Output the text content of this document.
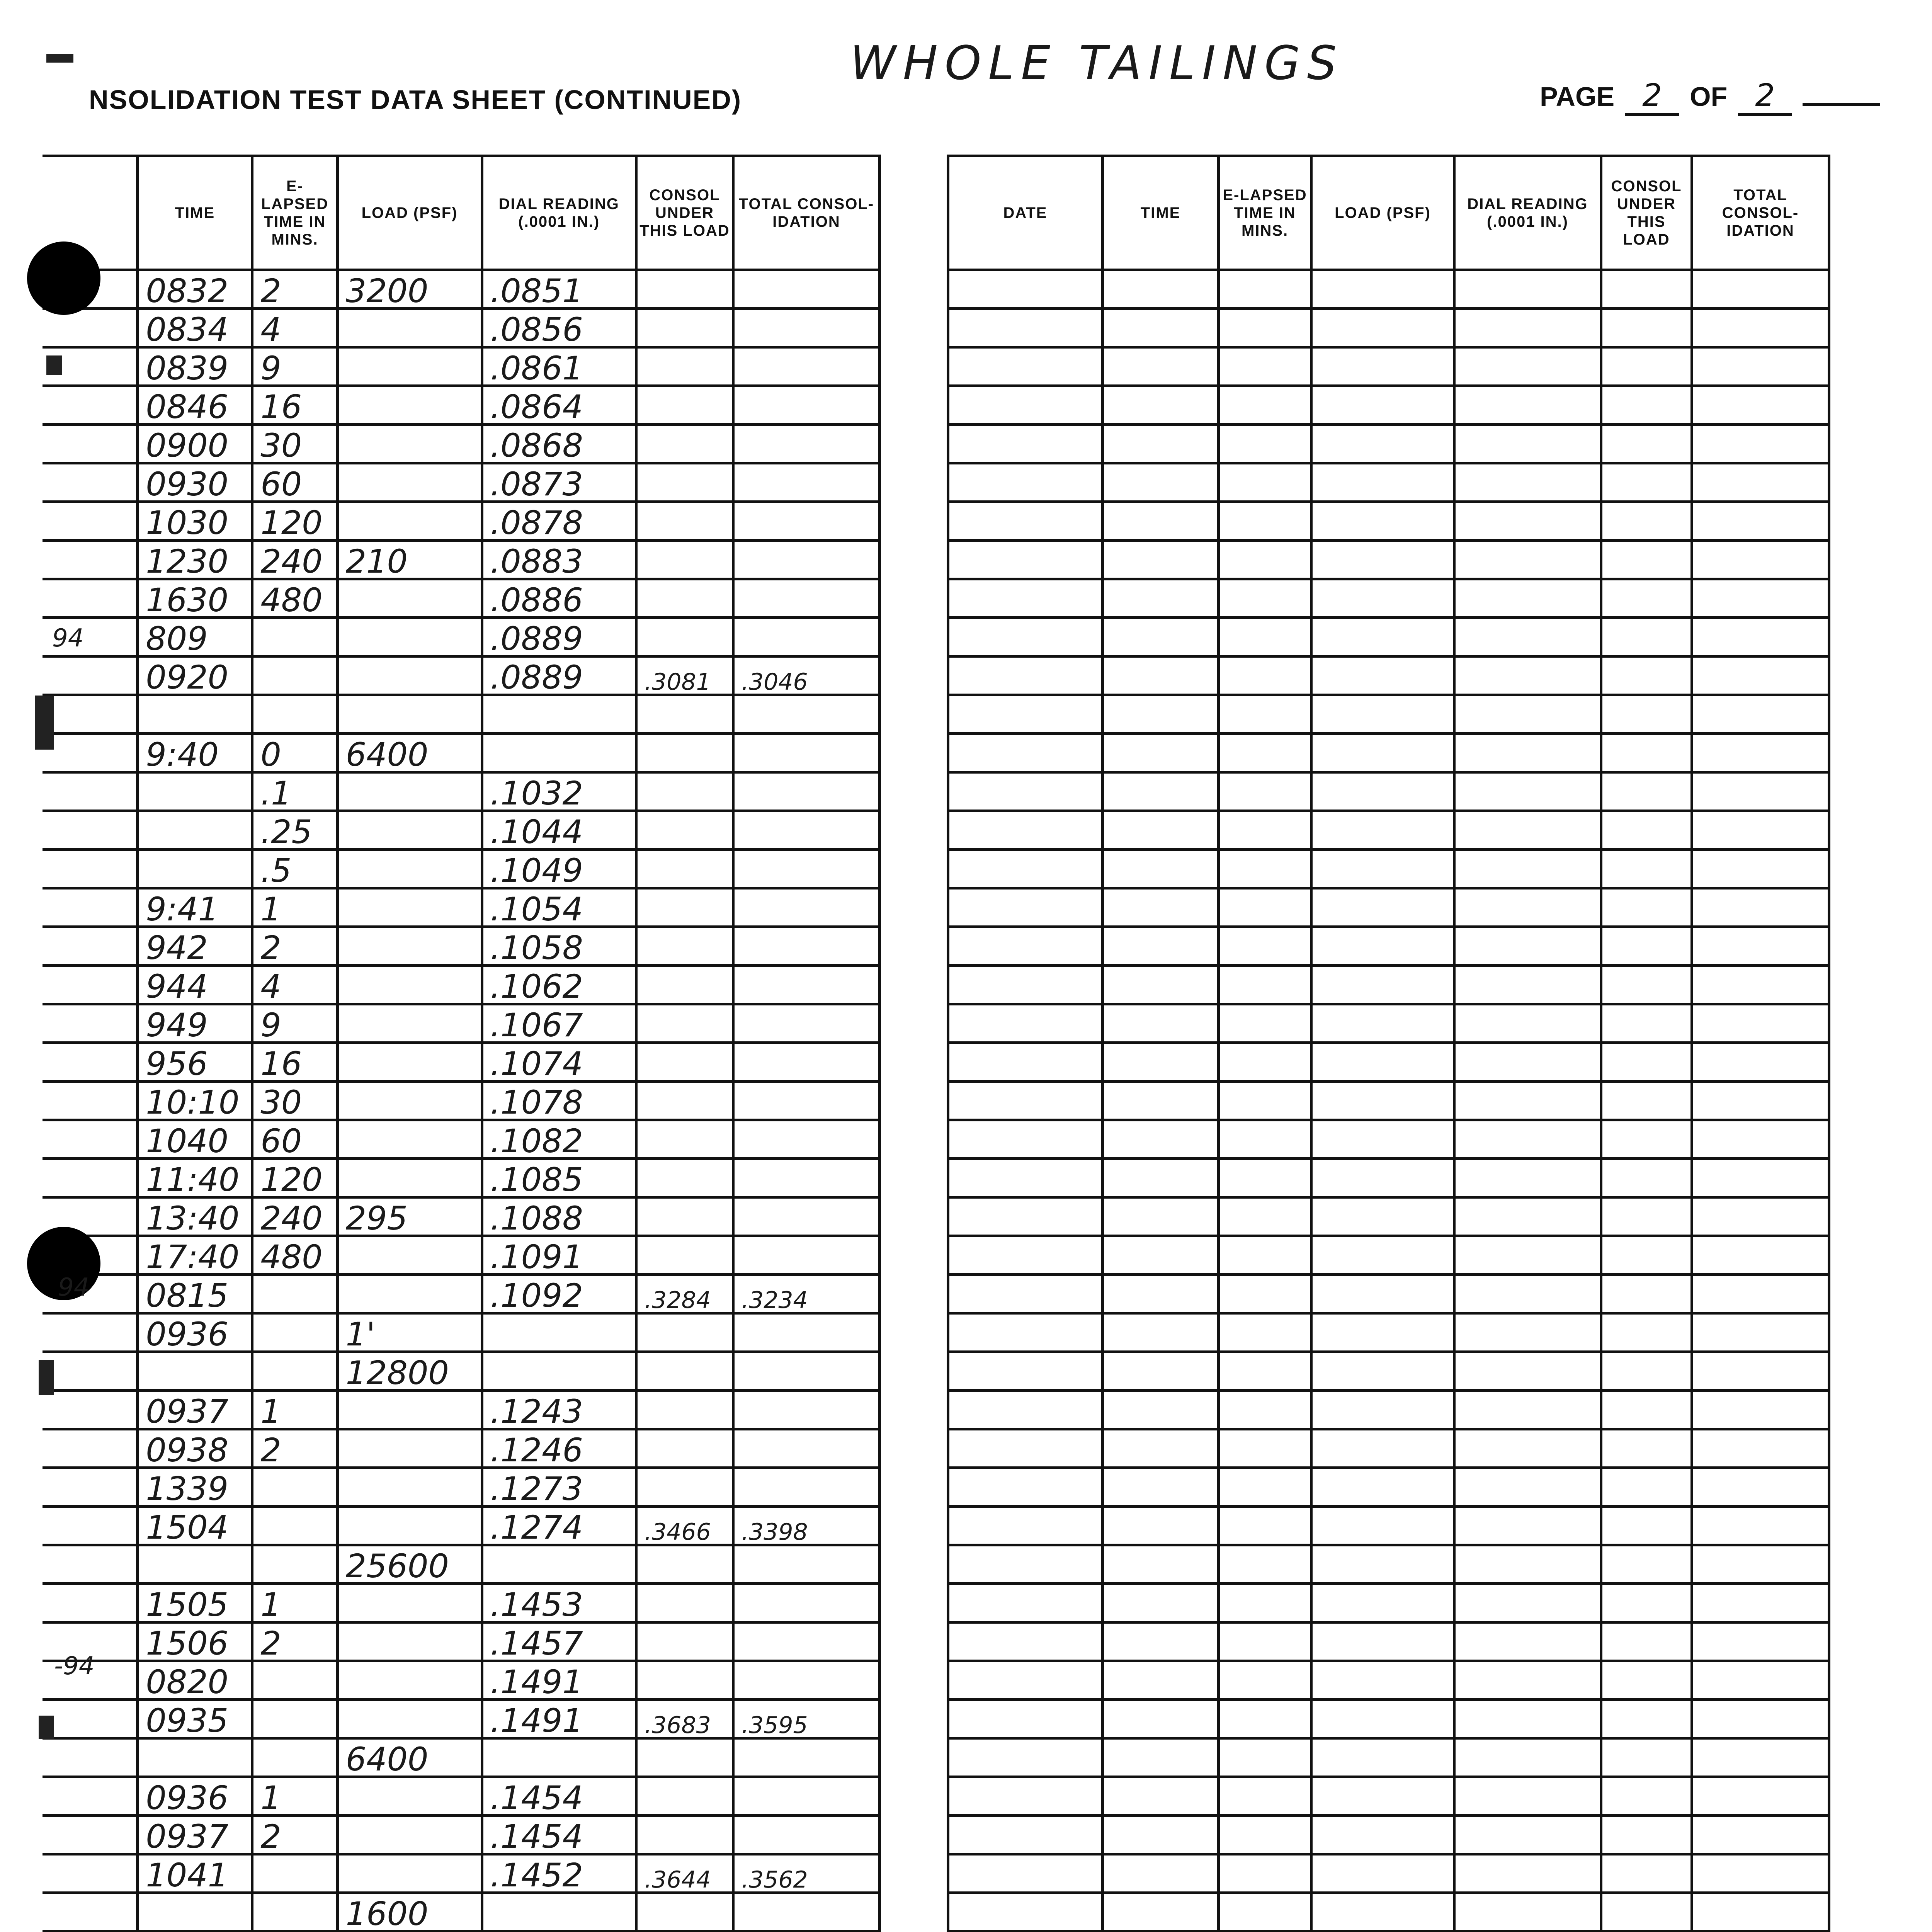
WHOLE TAILINGS
NSOLIDATION TEST DATA SHEET (CONTINUED)	PAGE 2 OF 2
	TIME	E-LAPSED TIME IN MINS.	LOAD (PSF)	DIAL READING (.0001 IN.)	CONSOL UNDER THIS LOAD	TOTAL CONSOL-IDATION
	0832	2	3200	.0851		
	0834	4		.0856		
	0839	9		.0861		
	0846	16		.0864		
	0900	30		.0868		
	0930	60		.0873		
	1030	120		.0878		
	1230	240	210	.0883		
	1630	480		.0886		
	809			.0889		
	0920			.0889	.3081	.3046

	9:40	0	6400			
		.1		.1032		
		.25		.1044		
		.5		.1049		
	9:41	1		.1054		
	942	2		.1058		
	944	4		.1062		
	949	9		.1067		
	956	16		.1074		
	10:10	30		.1078		
	1040	60		.1082		
	11:40	120		.1085		
	13:40	240	295	.1088		
	17:40	480		.1091		
	0815			.1092	.3284	.3234
	0936		1'			
			12800			
	0937	1		.1243		
	0938	2		.1246		
	1339			.1273		
	1504			.1274	.3466	.3398
			25600			
	1505	1		.1453		
	1506	2		.1457		
	0820			.1491		
	0935			.1491	.3683	.3595
			6400			
	0936	1		.1454		
	0937	2		.1454		
	1041			.1452	.3644	.3562
			1600			

DATE	TIME	E-LAPSED TIME IN MINS.	LOAD (PSF)	DIAL READING (.0001 IN.)	CONSOL UNDER THIS LOAD	TOTAL CONSOL-IDATION

94
94
-94
